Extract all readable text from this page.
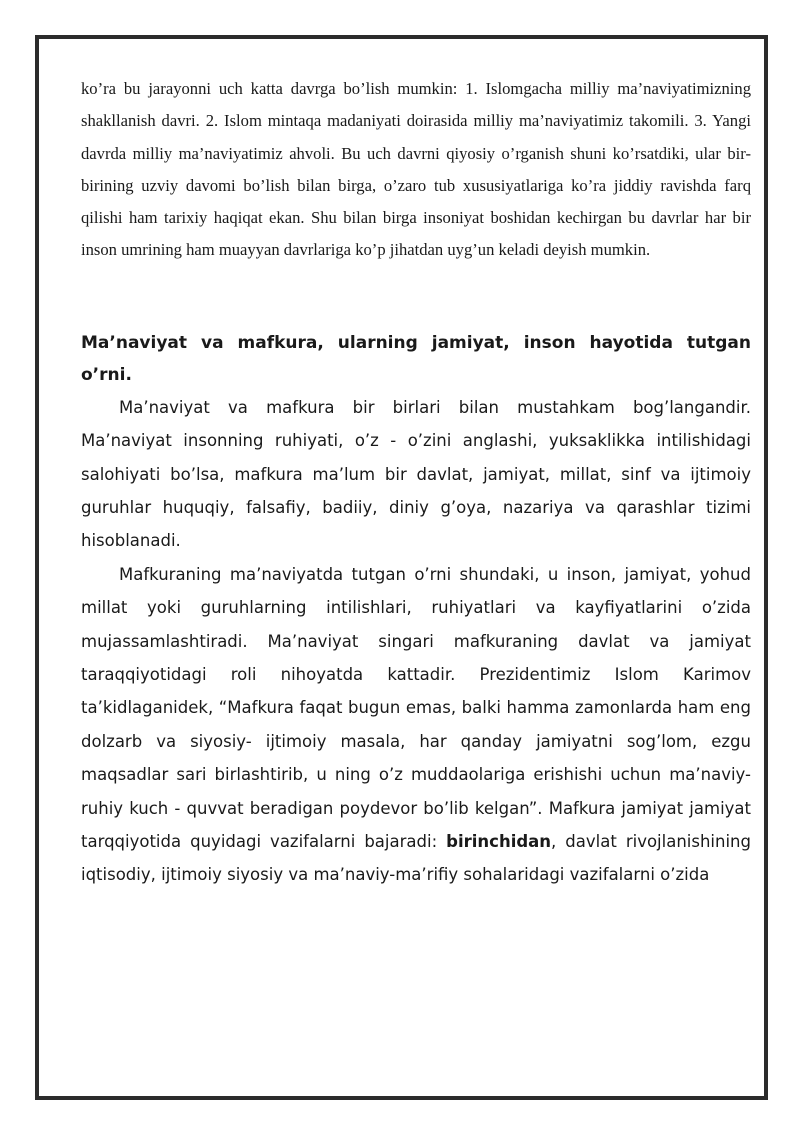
ko’ra bu jarayonni uch katta davrga bo’lish mumkin: 1. Islomgacha milliy ma’naviyatimizning shakllanish davri. 2. Islom mintaqa madaniyati doirasida milliy ma’naviyatimiz takomili. 3. Yangi davrda milliy ma’naviyatimiz ahvoli. Bu uch davrni qiyosiy o’rganish shuni ko’rsatdiki, ular bir-birining uzviy davomi bo’lish bilan birga, o’zaro tub xususiyatlariga ko’ra jiddiy ravishda farq qilishi ham tarixiy haqiqat ekan. Shu bilan birga insoniyat boshidan kechirgan bu davrlar har bir inson umrining ham muayyan davrlariga ko’p jihatdan uyg’un keladi deyish mumkin.

Ma’naviyat va mafkura, ularning jamiyat, inson hayotida tutgan o’rni.

Ma’naviyat va mafkura bir birlari bilan mustahkam bog’langandir. Ma’naviyat insonning ruhiyati, o’z - o’zini anglashi, yuksaklikka intilishidagi salohiyati bo’lsa, mafkura ma’lum bir davlat, jamiyat, millat, sinf va ijtimoiy guruhlar huquqiy, falsafiy, badiiy, diniy g’oya, nazariya va qarashlar tizimi hisoblanadi.

Mafkuraning ma’naviyatda tutgan o’rni shundaki, u inson, jamiyat, yohud millat yoki guruhlarning intilishlari, ruhiyatlari va kayfiyatlarini o’zida mujassamlashtiradi. Ma’naviyat singari mafkuraning davlat va jamiyat taraqqiyotidagi roli nihoyatda kattadir. Prezidentimiz Islom Karimov ta’kidlaganidek, “Mafkura faqat bugun emas, balki hamma zamonlarda ham eng dolzarb va siyosiy- ijtimoiy masala, har qanday jamiyatni sog’lom, ezgu maqsadlar sari birlashtirib, u ning o’z muddaolariga erishishi uchun ma’naviy-ruhiy kuch - quvvat beradigan poydevor bo’lib kelgan”. Mafkura jamiyat jamiyat tarqqiyotida quyidagi vazifalarni bajaradi: birinchidan, davlat rivojlanishining iqtisodiy, ijtimoiy siyosiy va ma’naviy-ma’rifiy sohalaridagi vazifalarni o’zida
